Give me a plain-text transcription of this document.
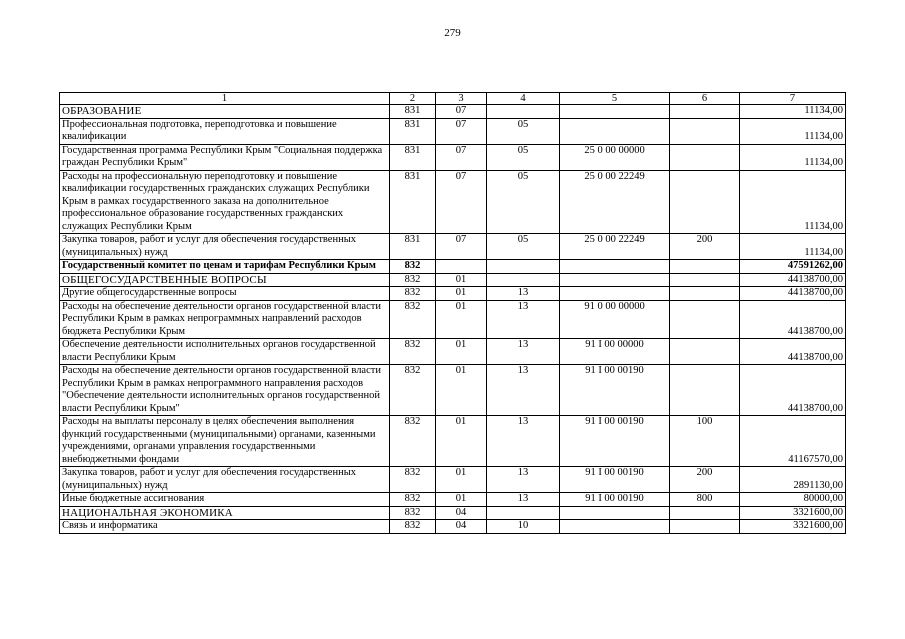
279
1	2	3	4	5	6	7
ОБРАЗОВАНИЕ	831	07				11134,00
Профессиональная подготовка, переподготовка и повышение квалификации	831	07	05			11134,00
Государственная программа Республики Крым "Социальная поддержка граждан Республики Крым"	831	07	05	25 0 00 00000		11134,00
Расходы на профессиональную переподготовку и повышение квалификации государственных гражданских служащих Республики Крым в рамках государственного заказа на дополнительное профессиональное образование государственных гражданских служащих Республики Крым	831	07	05	25 0 00 22249		11134,00
Закупка товаров, работ и услуг для обеспечения государственных (муниципальных) нужд	831	07	05	25 0 00 22249	200	11134,00
Государственный комитет по ценам и тарифам Республики Крым	832					47591262,00
ОБЩЕГОСУДАРСТВЕННЫЕ ВОПРОСЫ	832	01				44138700,00
Другие общегосударственные вопросы	832	01	13			44138700,00
Расходы на обеспечение деятельности органов государственной власти Республики Крым в рамках непрограммных направлений расходов бюджета Республики Крым	832	01	13	91 0 00 00000		44138700,00
Обеспечение деятельности исполнительных органов государственной власти Республики Крым	832	01	13	91 I 00 00000		44138700,00
Расходы на обеспечение деятельности органов государственной власти Республики Крым в рамках непрограммного направления расходов "Обеспечение деятельности исполнительных органов государственной власти Республики Крым"	832	01	13	91 I 00 00190		44138700,00
Расходы на выплаты персоналу в целях обеспечения выполнения функций государственными (муниципальными) органами, казенными учреждениями, органами управления государственными внебюджетными фондами	832	01	13	91 I 00 00190	100	41167570,00
Закупка товаров, работ и услуг для обеспечения государственных (муниципальных) нужд	832	01	13	91 I 00 00190	200	2891130,00
Иные бюджетные ассигнования	832	01	13	91 I 00 00190	800	80000,00
НАЦИОНАЛЬНАЯ ЭКОНОМИКА	832	04				3321600,00
Связь и информатика	832	04	10			3321600,00
